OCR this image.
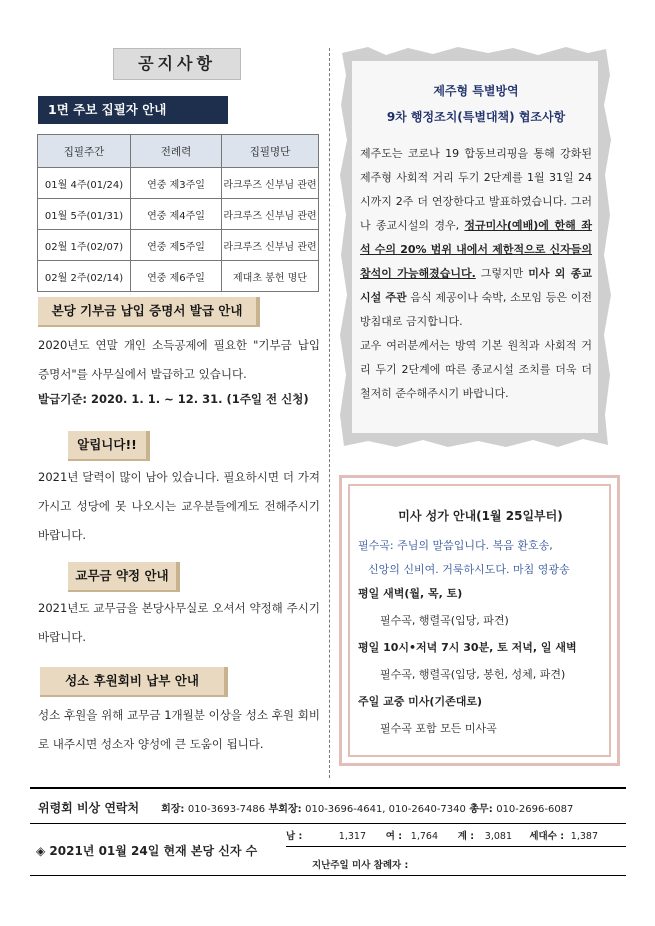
공지사항
1면 주보 집필자 안내
집필주간	전례력	집필명단
01월 4주(01/24)	연중 제3주일	라크루즈 신부님 관련
01월 5주(01/31)	연중 제4주일	라크루즈 신부님 관련
02월 1주(02/07)	연중 제5주일	라크루즈 신부님 관련
02월 2주(02/14)	연중 제6주일	제대초 봉헌 명단
본당 기부금 납입 증명서 발급 안내
2020년도 연말 개인 소득공제에 필요한 "기부금 납입 증명서"를 사무실에서 발급하고 있습니다.
발급기준: 2020. 1. 1. ~ 12. 31. (1주일 전 신청)
알립니다!!
2021년 달력이 많이 남아 있습니다. 필요하시면 더 가져가시고 성당에 못 나오시는 교우분들에게도 전해주시기 바랍니다.
교무금 약정 안내
2021년도 교무금을 본당사무실로 오셔서 약정해 주시기 바랍니다.
성소 후원회비 납부 안내
성소 후원을 위해 교무금 1개월분 이상을 성소 후원 회비로 내주시면 성소자 양성에 큰 도움이 됩니다.
제주형 특별방역
9차 행정조치(특별대책) 협조사항
제주도는 코로나 19 합동브리핑을 통해 강화된 제주형 사회적 거리 두기 2단계를 1월 31일 24시까지 2주 더 연장한다고 발표하였습니다. 그러나 종교시설의 경우, 정규미사(예배)에 한해 좌석 수의 20% 범위 내에서 제한적으로 신자들의 참석이 가능해졌습니다. 그렇지만 미사 외 종교시설 주관 음식 제공이나 숙박, 소모임 등은 이전 방침대로 금지합니다.
교우 여러분께서는 방역 기본 원칙과 사회적 거리 두기 2단계에 따른 종교시설 조치를 더욱 더 철저히 준수해주시기 바랍니다.
미사 성가 안내(1월 25일부터)
필수곡: 주님의 말씀입니다. 복음 환호송,
신앙의 신비여. 거룩하시도다. 마침 영광송
평일 새벽(월, 목, 토)
필수곡, 행렬곡(입당, 파견)
평일 10시•저녁 7시 30분, 토 저녁, 일 새벽
필수곡, 행렬곡(입당, 봉헌, 성체, 파견)
주일 교중 미사(기존대로)
필수곡 포함 모든 미사곡
위령회 비상 연락처 회장: 010-3693-7486 부회장: 010-3696-4641, 010-2640-7340 총무: 010-2696-6087
◈ 2021년 01월 24일 현재 본당 신자 수
남 :	1,317 여 : 1,764 계 : 3,081 세대수 : 1,387
지난주일 미사 참례자 :
